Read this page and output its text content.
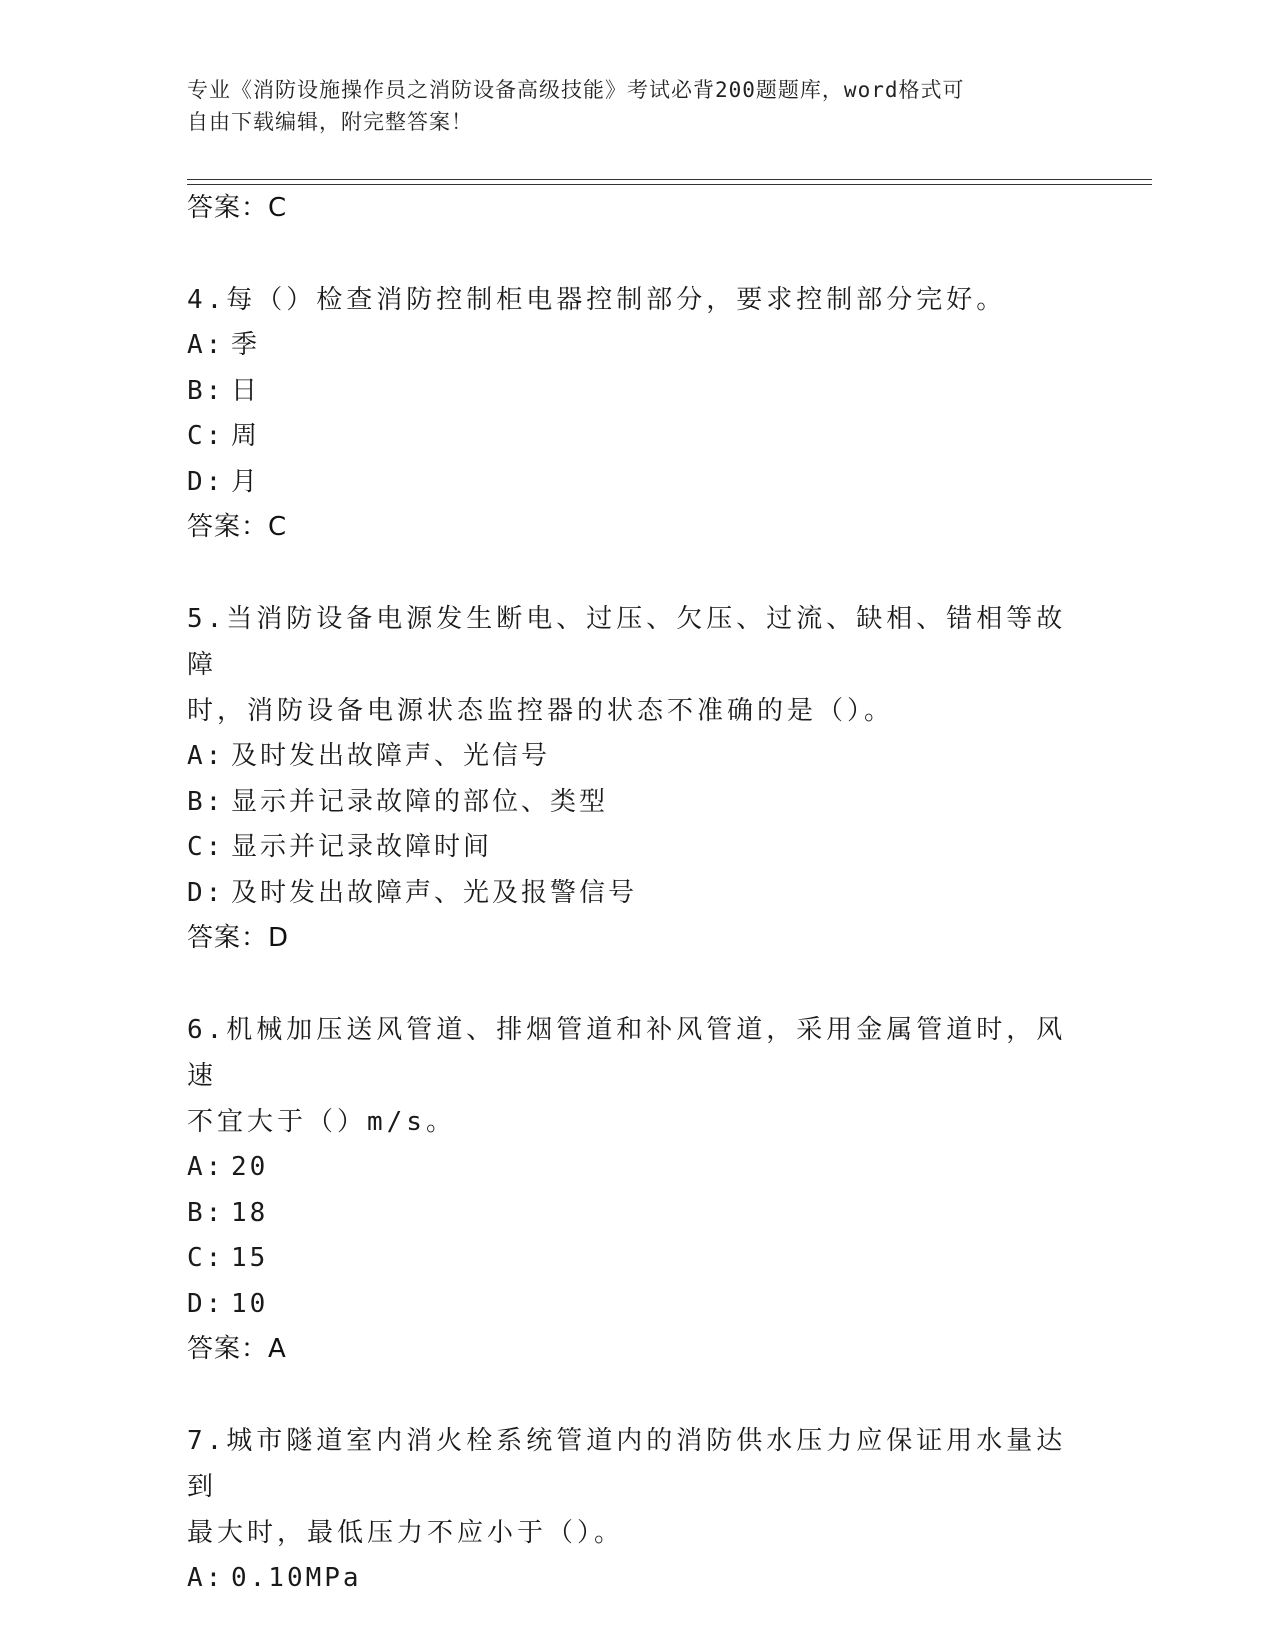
专业《消防设施操作员之消防设备高级技能》考试必背200题题库，word格式可
自由下载编辑，附完整答案！
答案：C
4.每（）检查消防控制柜电器控制部分，要求控制部分完好。
A: 季
B: 日
C: 周
D: 月
答案：C
5.当消防设备电源发生断电、过压、欠压、过流、缺相、错相等故障
时，消防设备电源状态监控器的状态不准确的是（）。
A: 及时发出故障声、光信号
B: 显示并记录故障的部位、类型
C: 显示并记录故障时间
D: 及时发出故障声、光及报警信号
答案：D
6.机械加压送风管道、排烟管道和补风管道，采用金属管道时，风速
不宜大于（）m/s。
A: 20
B: 18
C: 15
D: 10
答案：A
7.城市隧道室内消火栓系统管道内的消防供水压力应保证用水量达到
最大时，最低压力不应小于（）。
A: 0.10MPa
